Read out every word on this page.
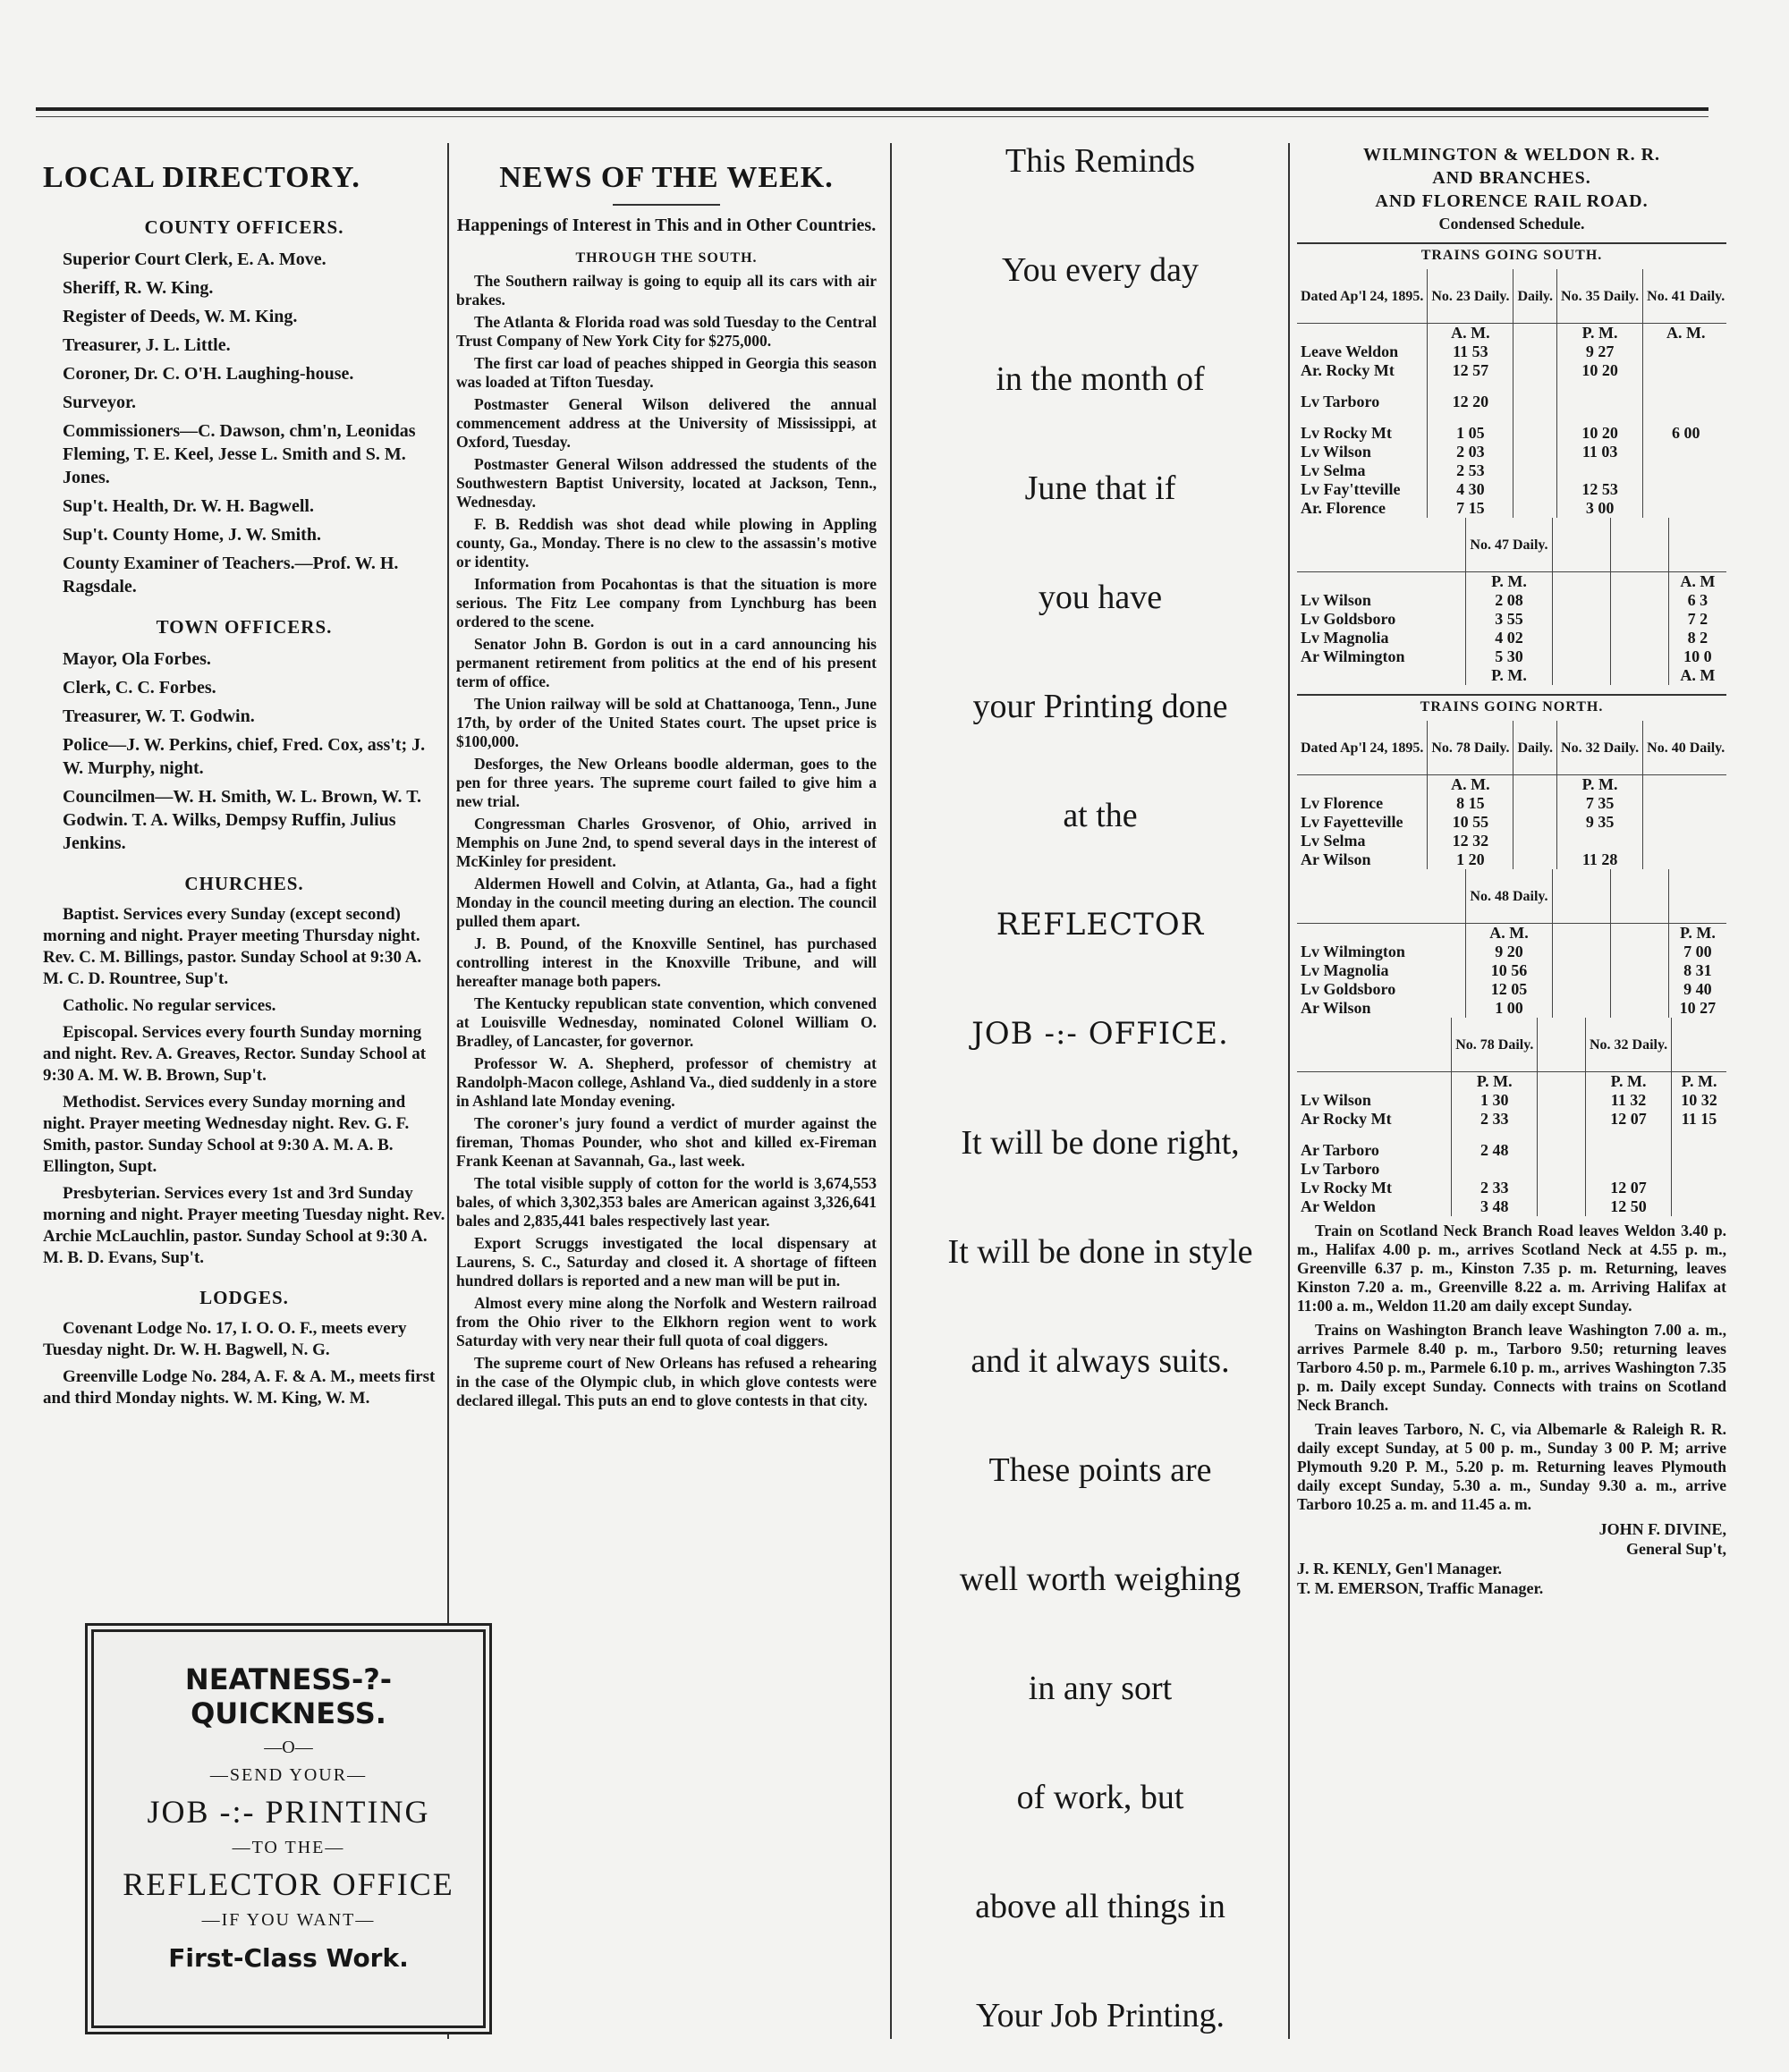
LOCAL DIRECTORY.
COUNTY OFFICERS.
Superior Court Clerk, E. A. Move.
Sheriff, R. W. King.
Register of Deeds, W. M. King.
Treasurer, J. L. Little.
Coroner, Dr. C. O'H. Laughing-house.
Surveyor.
Commissioners—C. Dawson, chm'n, Leonidas Fleming, T. E. Keel, Jesse L. Smith and S. M. Jones.
Sup't. Health, Dr. W. H. Bagwell.
Sup't. County Home, J. W. Smith.
County Examiner of Teachers.—Prof. W. H. Ragsdale.
TOWN OFFICERS.
Mayor, Ola Forbes.
Clerk, C. C. Forbes.
Treasurer, W. T. Godwin.
Police—J. W. Perkins, chief, Fred. Cox, ass't; J. W. Murphy, night.
Councilmen—W. H. Smith, W. L. Brown, W. T. Godwin. T. A. Wilks, Dempsy Ruffin, Julius Jenkins.
CHURCHES.
Baptist. Services every Sunday (except second) morning and night. Prayer meeting Thursday night. Rev. C. M. Billings, pastor. Sunday School at 9:30 A. M. C. D. Rountree, Sup't.
Catholic. No regular services.
Episcopal. Services every fourth Sunday morning and night. Rev. A. Greaves, Rector. Sunday School at 9:30 A. M. W. B. Brown, Sup't.
Methodist. Services every Sunday morning and night. Prayer meeting Wednesday night. Rev. G. F. Smith, pastor. Sunday School at 9:30 A. M. A. B. Ellington, Supt.
Presbyterian. Services every 1st and 3rd Sunday morning and night. Prayer meeting Tuesday night. Rev. Archie McLauchlin, pastor. Sunday School at 9:30 A. M. B. D. Evans, Sup't.
LODGES.
Covenant Lodge No. 17, I. O. O. F., meets every Tuesday night. Dr. W. H. Bagwell, N. G.
Greenville Lodge No. 284, A. F. & A. M., meets first and third Monday nights. W. M. King, W. M.
NEATNESS-?-QUICKNESS.
—O—
—SEND YOUR—
JOB -:- PRINTING
—TO THE—
REFLECTOR OFFICE
—IF YOU WANT—
First-Class Work.
NEWS OF THE WEEK.
Happenings of Interest in This and in Other Countries.
THROUGH THE SOUTH.
The Southern railway is going to equip all its cars with air brakes.
The Atlanta & Florida road was sold Tuesday to the Central Trust Company of New York City for $275,000.
The first car load of peaches shipped in Georgia this season was loaded at Tifton Tuesday.
Postmaster General Wilson delivered the annual commencement address at the University of Mississippi, at Oxford, Tuesday.
Postmaster General Wilson addressed the students of the Southwestern Baptist University, located at Jackson, Tenn., Wednesday.
F. B. Reddish was shot dead while plowing in Appling county, Ga., Monday. There is no clew to the assassin's motive or identity.
Information from Pocahontas is that the situation is more serious. The Fitz Lee company from Lynchburg has been ordered to the scene.
Senator John B. Gordon is out in a card announcing his permanent retirement from politics at the end of his present term of office.
The Union railway will be sold at Chattanooga, Tenn., June 17th, by order of the United States court. The upset price is $100,000.
Desforges, the New Orleans boodle alderman, goes to the pen for three years. The supreme court failed to give him a new trial.
Congressman Charles Grosvenor, of Ohio, arrived in Memphis on June 2nd, to spend several days in the interest of McKinley for president.
Aldermen Howell and Colvin, at Atlanta, Ga., had a fight Monday in the council meeting during an election. The council pulled them apart.
J. B. Pound, of the Knoxville Sentinel, has purchased controlling interest in the Knoxville Tribune, and will hereafter manage both papers.
The Kentucky republican state convention, which convened at Louisville Wednesday, nominated Colonel William O. Bradley, of Lancaster, for governor.
Professor W. A. Shepherd, professor of chemistry at Randolph-Macon college, Ashland Va., died suddenly in a store in Ashland late Monday evening.
The coroner's jury found a verdict of murder against the fireman, Thomas Pounder, who shot and killed ex-Fireman Frank Keenan at Savannah, Ga., last week.
The total visible supply of cotton for the world is 3,674,553 bales, of which 3,302,353 bales are American against 3,326,641 bales and 2,835,441 bales respectively last year.
Export Scruggs investigated the local dispensary at Laurens, S. C., Saturday and closed it. A shortage of fifteen hundred dollars is reported and a new man will be put in.
Almost every mine along the Norfolk and Western railroad from the Ohio river to the Elkhorn region went to work Saturday with very near their full quota of coal diggers.
The supreme court of New Orleans has refused a rehearing in the case of the Olympic club, in which glove contests were declared illegal. This puts an end to glove contests in that city.
This Reminds
You every day
in the month of
June that if
you have
your Printing done
at the
REFLECTOR
JOB -:- OFFICE.
It will be done right,
It will be done in style
and it always suits.
These points are
well worth weighing
in any sort
of work, but
above all things in
Your Job Printing.
WILMINGTON & WELDON R. R.
AND BRANCHES.
AND FLORENCE RAIL ROAD.
Condensed Schedule.
TRAINS GOING SOUTH.
Dated Ap'l 24, 1895.	No. 23 Daily.	Daily.	No. 35 Daily.	No. 41 Daily.
	A. M.		P. M.	A. M.
Leave Weldon	11 53		9 27	
Ar. Rocky Mt	12 57		10 20	

Lv Tarboro	12 20			

Lv Rocky Mt	1 05		10 20	6 00
Lv Wilson	2 03		11 03	
Lv Selma	2 53			
Lv Fay'tteville	4 30		12 53	
Ar. Florence	7 15		3 00	
	No. 47 Daily.			
	P. M.			A. M
Lv Wilson	2 08			6 3
Lv Goldsboro	3 55			7 2
Lv Magnolia	4 02			8 2
Ar Wilmington	5 30			10 0
	P. M.			A. M
TRAINS GOING NORTH.
Dated Ap'l 24, 1895.	No. 78 Daily.	Daily.	No. 32 Daily.	No. 40 Daily.
	A. M.		P. M.	
Lv Florence	8 15		7 35	
Lv Fayetteville	10 55		9 35	
Lv Selma	12 32			
Ar Wilson	1 20		11 28	
	No. 48 Daily.			
	A. M.			P. M.
Lv Wilmington	9 20			7 00
Lv Magnolia	10 56			8 31
Lv Goldsboro	12 05			9 40
Ar Wilson	1 00			10 27
	No. 78 Daily.		No. 32 Daily.	
	P. M.		P. M.	P. M.
Lv Wilson	1 30		11 32	10 32
Ar Rocky Mt	2 33		12 07	11 15

Ar Tarboro	2 48			
Lv Tarboro				
Lv Rocky Mt	2 33		12 07	
Ar Weldon	3 48		12 50	
Train on Scotland Neck Branch Road leaves Weldon 3.40 p. m., Halifax 4.00 p. m., arrives Scotland Neck at 4.55 p. m., Greenville 6.37 p. m., Kinston 7.35 p. m. Returning, leaves Kinston 7.20 a. m., Greenville 8.22 a. m. Arriving Halifax at 11:00 a. m., Weldon 11.20 am daily except Sunday.
Trains on Washington Branch leave Washington 7.00 a. m., arrives Parmele 8.40 p. m., Tarboro 9.50; returning leaves Tarboro 4.50 p. m., Parmele 6.10 p. m., arrives Washington 7.35 p. m. Daily except Sunday. Connects with trains on Scotland Neck Branch.
Train leaves Tarboro, N. C, via Albemarle & Raleigh R. R. daily except Sunday, at 5 00 p. m., Sunday 3 00 P. M; arrive Plymouth 9.20 P. M., 5.20 p. m. Returning leaves Plymouth daily except Sunday, 5.30 a. m., Sunday 9.30 a. m., arrive Tarboro 10.25 a. m. and 11.45 a. m.
JOHN F. DIVINE,
General Sup't,
J. R. KENLY, Gen'l Manager.
T. M. EMERSON, Traffic Manager.
